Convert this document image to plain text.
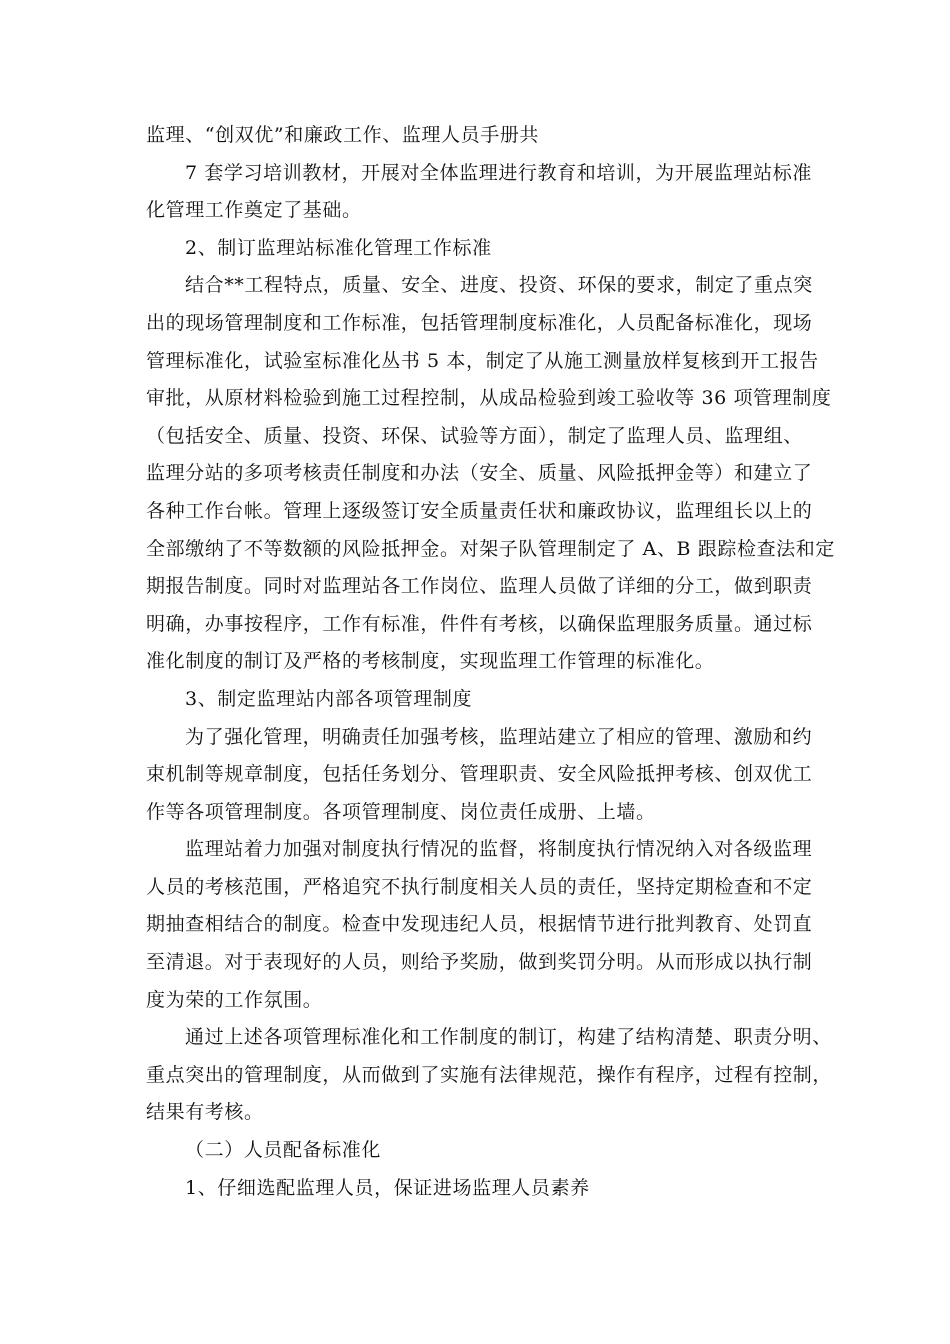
监理、“创双优”和廉政工作、监理人员手册共
7 套学习培训教材，开展对全体监理进行教育和培训，为开展监理站标准
化管理工作奠定了基础。
2、制订监理站标准化管理工作标准
结合**工程特点，质量、安全、进度、投资、环保的要求，制定了重点突
出的现场管理制度和工作标准，包括管理制度标准化，人员配备标准化，现场
管理标准化，试验室标准化丛书 5 本，制定了从施工测量放样复核到开工报告
审批，从原材料检验到施工过程控制，从成品检验到竣工验收等 36 项管理制度
（包括安全、质量、投资、环保、试验等方面），制定了监理人员、监理组、
监理分站的多项考核责任制度和办法（安全、质量、风险抵押金等）和建立了
各种工作台帐。管理上逐级签订安全质量责任状和廉政协议，监理组长以上的
全部缴纳了不等数额的风险抵押金。对架子队管理制定了 A、B 跟踪检查法和定
期报告制度。同时对监理站各工作岗位、监理人员做了详细的分工，做到职责
明确，办事按程序，工作有标准，件件有考核，以确保监理服务质量。通过标
准化制度的制订及严格的考核制度，实现监理工作管理的标准化。
3、制定监理站内部各项管理制度
为了强化管理，明确责任加强考核，监理站建立了相应的管理、激励和约
束机制等规章制度，包括任务划分、管理职责、安全风险抵押考核、创双优工
作等各项管理制度。各项管理制度、岗位责任成册、上墙。
监理站着力加强对制度执行情况的监督，将制度执行情况纳入对各级监理
人员的考核范围，严格追究不执行制度相关人员的责任，坚持定期检查和不定
期抽查相结合的制度。检查中发现违纪人员，根据情节进行批判教育、处罚直
至清退。对于表现好的人员，则给予奖励，做到奖罚分明。从而形成以执行制
度为荣的工作氛围。
通过上述各项管理标准化和工作制度的制订，构建了结构清楚、职责分明、
重点突出的管理制度，从而做到了实施有法律规范，操作有程序，过程有控制，
结果有考核。
（二）人员配备标准化
1、仔细选配监理人员，保证进场监理人员素养
